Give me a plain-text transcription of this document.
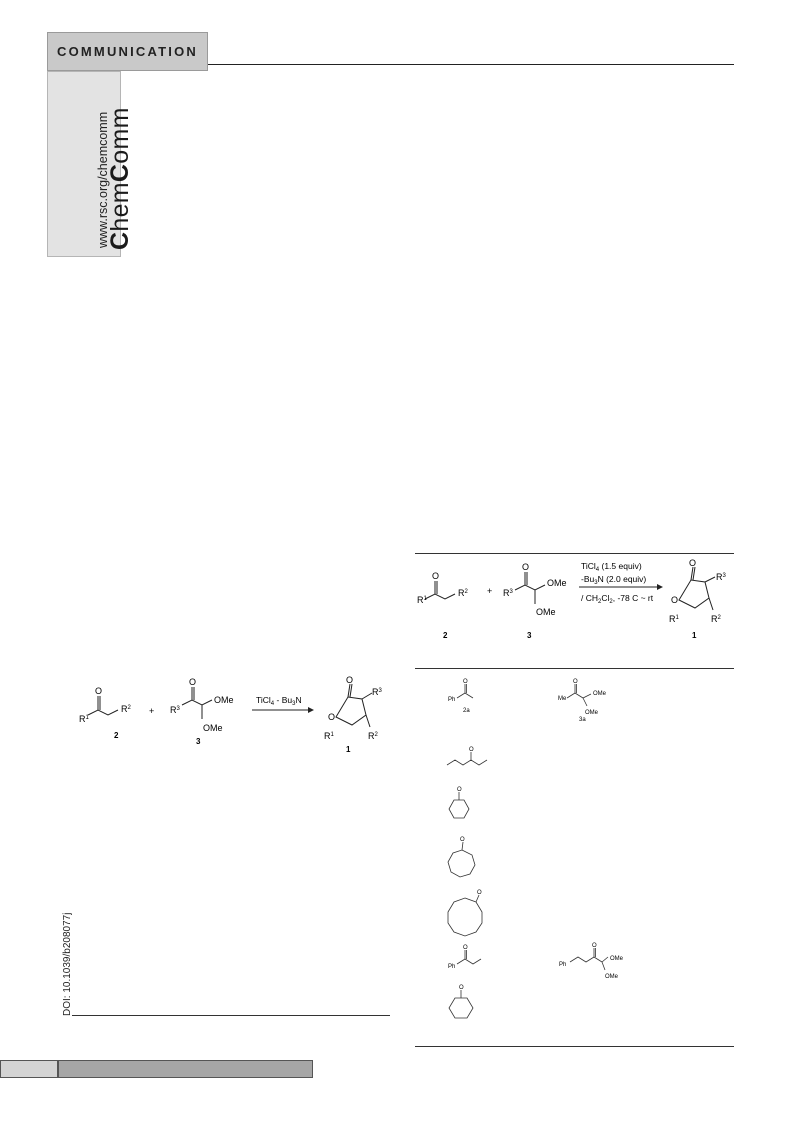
COMMUNICATION
ChemComm
www.rsc.org/chemcomm
DOI: 10.1039/b208077j
O
$R^1$
$R^2$
2
+
O
$R^3$
OMe
OMe
3
TiCl$_4$ - $Bu_3N$
O
O
$R^3$
$R^2$
$R^1$
1
O
$R^1$
$R^2$
2
+
O
$R^3$
OMe
OMe
3
TiCl$_4$ (1.5 equiv)
$-Bu_3N$ (2.0 equiv)
/ $CH_2Cl_2$, -78 C ~ rt
O
O
$R^3$
$R^2$
$R^1$
1
Ph
O
2a
Me
O
OMe
OMe
3a
O
O
O
O
Ph
O
Ph
O
OMe
OMe
O
